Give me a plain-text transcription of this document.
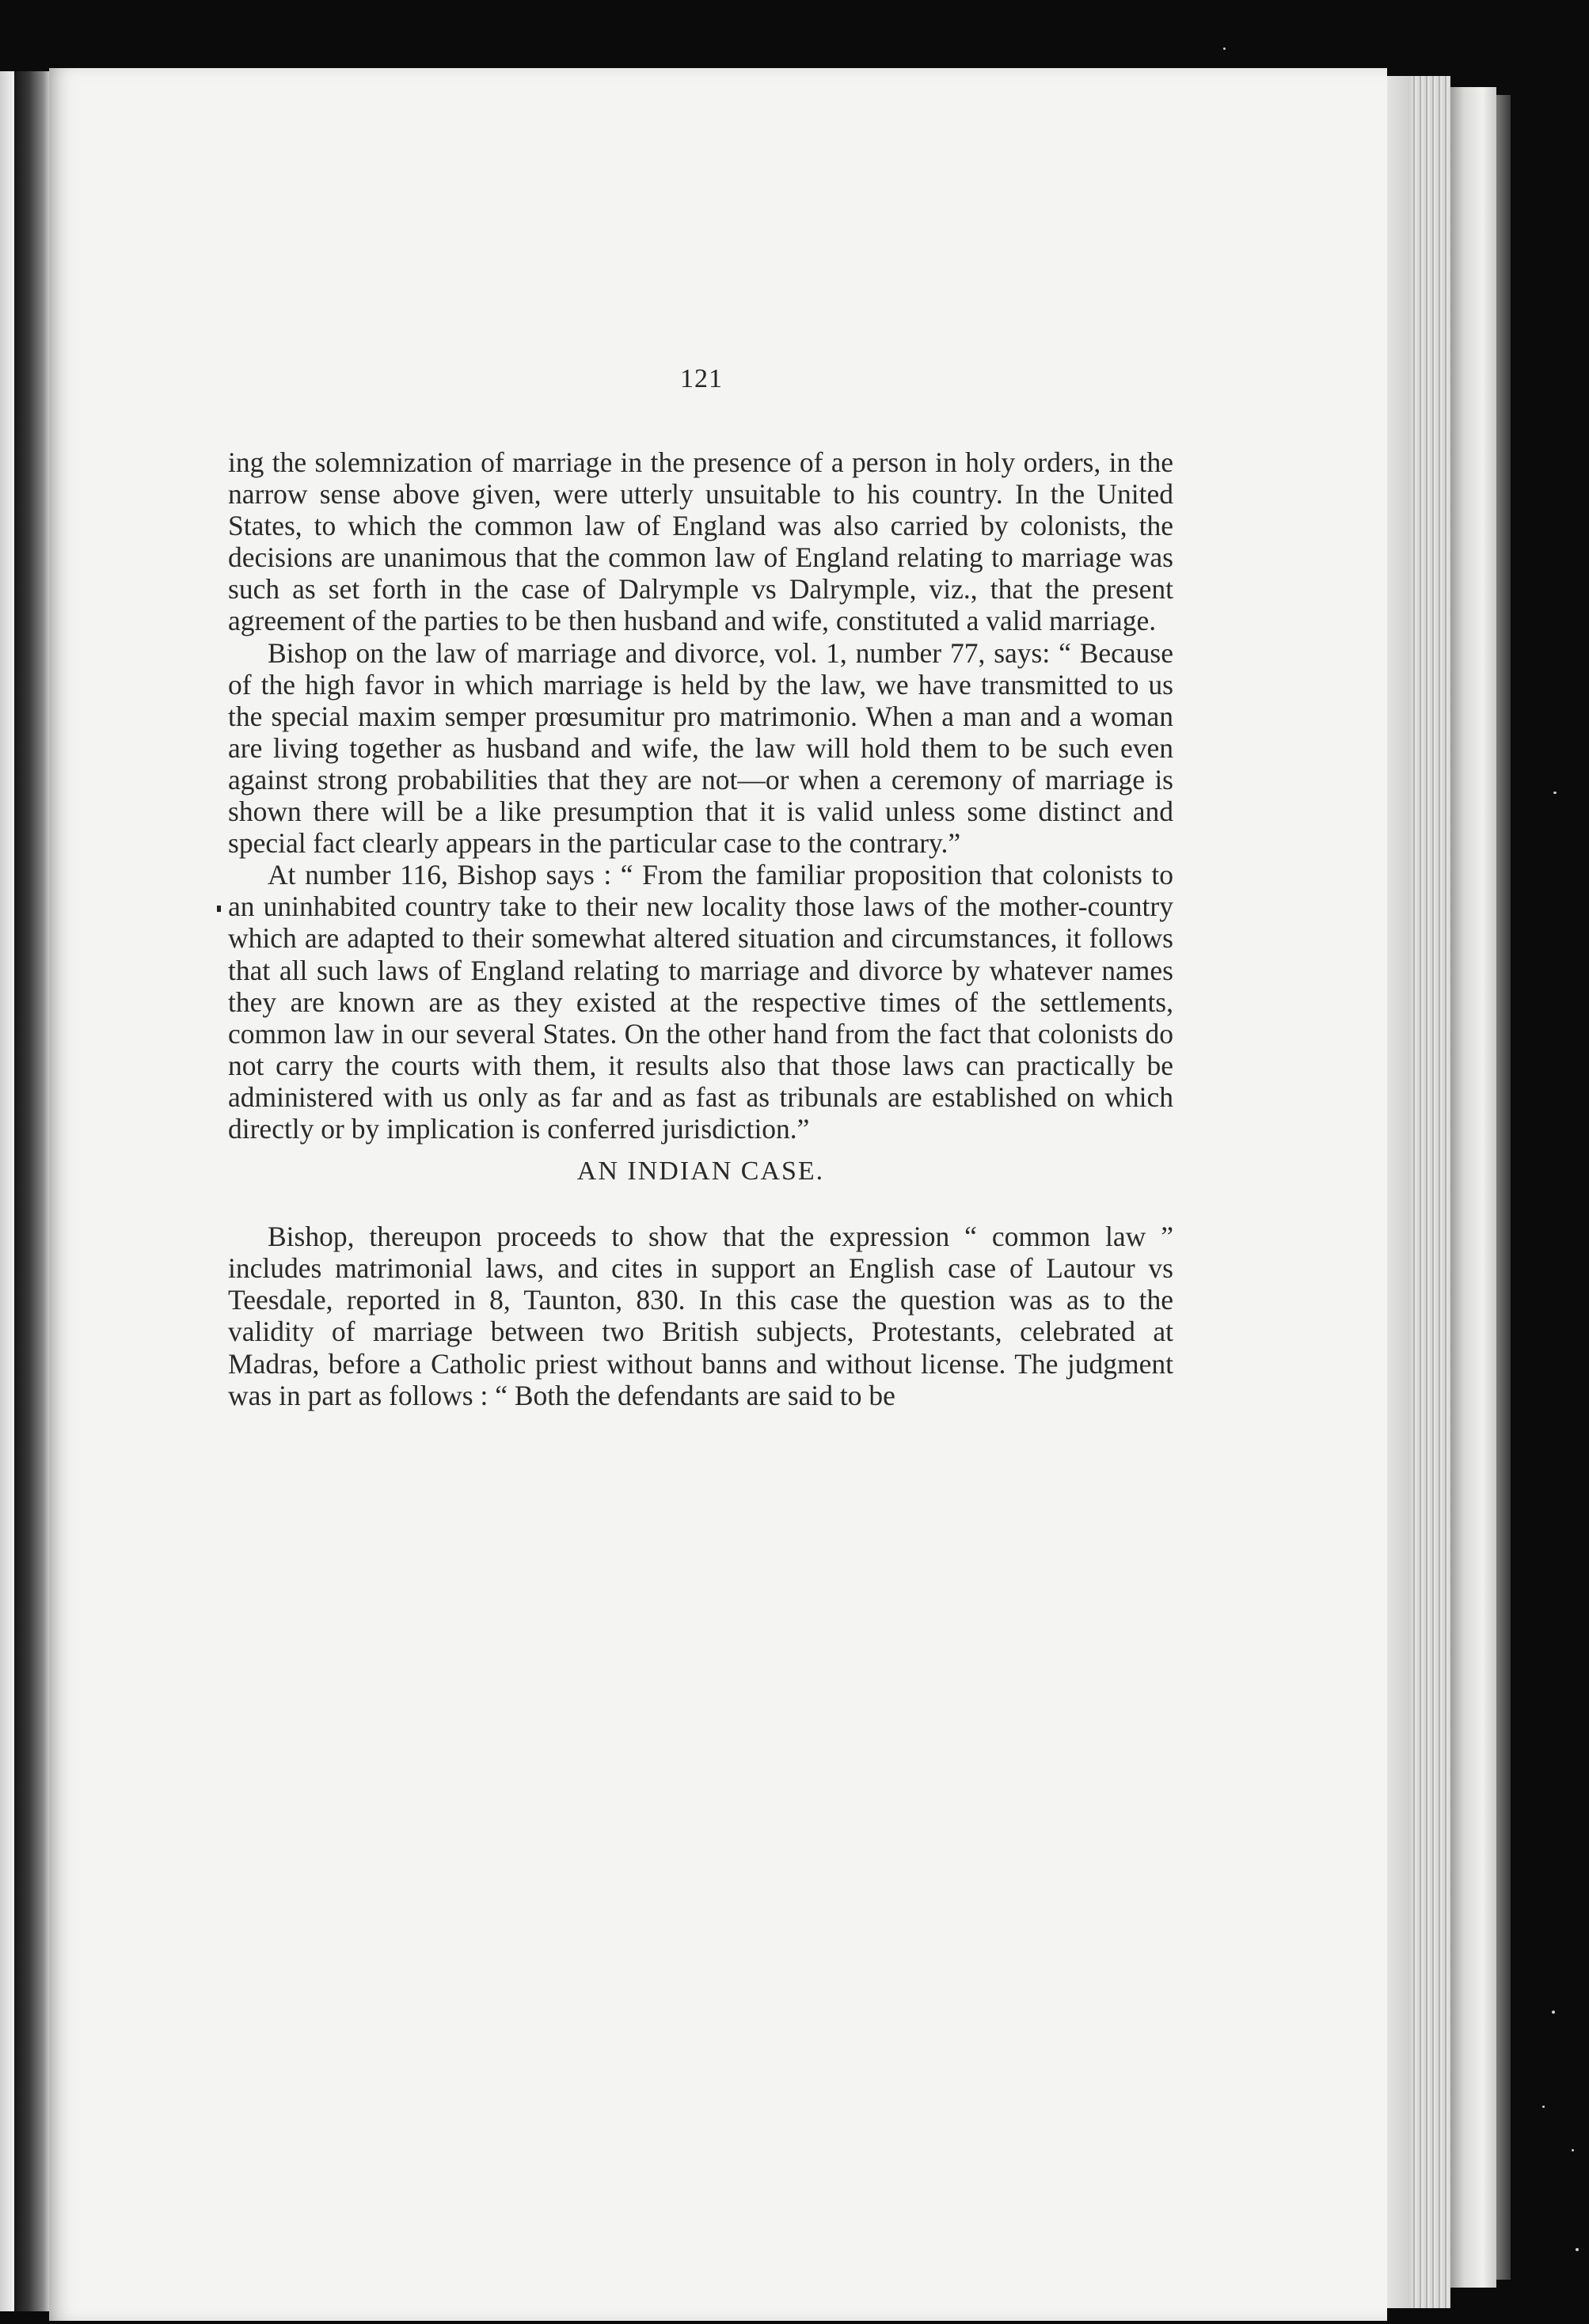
121

ing the solemnization of marriage in the presence of a person in holy orders, in the narrow sense above given, were utterly unsuitable to his country. In the United States, to which the common law of England was also carried by colonists, the decisions are unanimous that the common law of England relating to marriage was such as set forth in the case of Dalrymple vs Dalrymple, viz., that the present agreement of the parties to be then husband and wife, constituted a valid marriage.

Bishop on the law of marriage and divorce, vol. 1, number 77, says: “ Because of the high favor in which marriage is held by the law, we have transmitted to us the special maxim semper prœsumitur pro matrimonio. When a man and a woman are living together as husband and wife, the law will hold them to be such even against strong probabilities that they are not—or when a ceremony of marriage is shown there will be a like presumption that it is valid unless some distinct and special fact clearly appears in the particular case to the contrary.”

At number 116, Bishop says : “ From the familiar proposition that colonists to an uninhabited country take to their new locality those laws of the mother-country which are adapted to their somewhat altered situation and circumstances, it follows that all such laws of England relating to marriage and divorce by whatever names they are known are as they existed at the respective times of the settlements, common law in our several States. On the other hand from the fact that colonists do not carry the courts with them, it results also that those laws can practically be administered with us only as far and as fast as tribunals are established on which directly or by implication is conferred jurisdiction.”

AN INDIAN CASE.

Bishop, thereupon proceeds to show that the expression “ common law ” includes matrimonial laws, and cites in support an English case of Lautour vs Teesdale, reported in 8, Taunton, 830. In this case the question was as to the validity of marriage between two British subjects, Protestants, celebrated at Madras, before a Catholic priest without banns and without license. The judgment was in part as follows : “ Both the defendants are said to be
